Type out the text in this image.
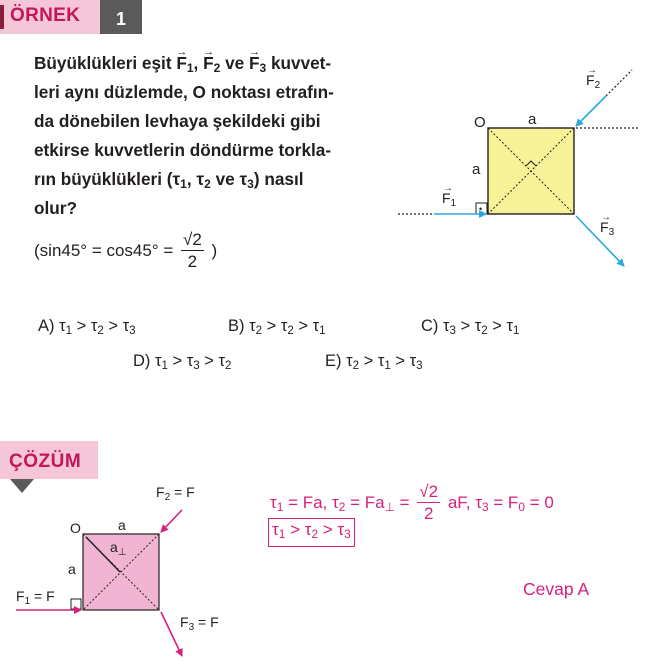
ÖRNEK	1
Büyüklükleri eşit → $F_1$, → $F_2$ ve → $F_3$ kuvvet-
leri aynı düzlemde, O noktası etrafın-
da dönebilen levhaya şekildeki gibi
etkirse kuvvetlerin döndürme torkla-
rın büyüklükleri ($\tau_1$, $\tau_2$ ve $\tau_3$) nasıl
olur?
($\sin 45^\circ = \cos 45^\circ = \frac{√2}{2}$ )
A) $\tau_1 > \tau_2 > \tau_3$	B) $\tau_2 > \tau_2 > \tau_1$	C) $\tau_3 > \tau_2 > \tau_1$
D) $\tau_1 > \tau_3 > \tau_2$	E) $\tau_2 > \tau_1 > \tau_3$
•
O	a
a
$F_1$
→
$F_2$
→
$F_3$
→
ÇÖZÜM
O	a
$a_\perp$
a
$F_1 = F$
$F_2 = F$
$F_3 = F$
$\tau_1 = Fa$, $\tau_2 = Fa_\perp = \frac{√2}{2}$ aF, $\tau_3 = F_0 = 0$
$\tau_1 > \tau_2 > \tau_3$
Cevap A
